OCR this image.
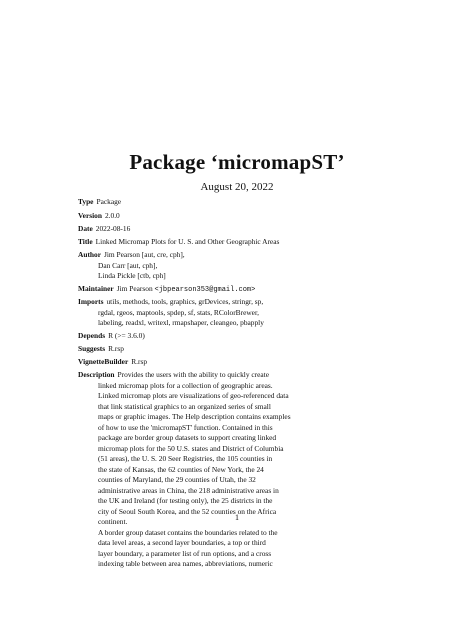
Package ‘micromapST’
August 20, 2022
Type Package
Version 2.0.0
Date 2022-08-16
Title Linked Micromap Plots for U. S. and Other Geographic Areas
Author Jim Pearson [aut, cre, cph],
Dan Carr [aut, cph],
Linda Pickle [ctb, cph]
Maintainer Jim Pearson <jbpearson353@gmail.com>
Imports utils, methods, tools, graphics, grDevices, stringr, sp,
rgdal, rgeos, maptools, spdep, sf, stats, RColorBrewer,
labeling, readxl, writexl, rmapshaper, cleangeo, pbapply
Depends R (>= 3.6.0)
Suggests R.rsp
VignetteBuilder R.rsp
Description Provides the users with the ability to quickly create
linked micromap plots for a collection of geographic areas.
Linked micromap plots are visualizations of geo-referenced data
that link statistical graphics to an organized series of small
maps or graphic images. The Help description contains examples
of how to use the 'micromapST' function. Contained in this
package are border group datasets to support creating linked
micromap plots for the 50 U.S. states and District of Columbia
(51 areas), the U. S. 20 Seer Registries, the 105 counties in
the state of Kansas, the 62 counties of New York, the 24
counties of Maryland, the 29 counties of Utah, the 32
administrative areas in China, the 218 administrative areas in
the UK and Ireland (for testing only), the 25 districts in the
city of Seoul South Korea, and the 52 counties on the Africa
continent.
A border group dataset contains the boundaries related to the
data level areas, a second layer boundaries, a top or third
layer boundary, a parameter list of run options, and a cross
indexing table between area names, abbreviations, numeric
1
